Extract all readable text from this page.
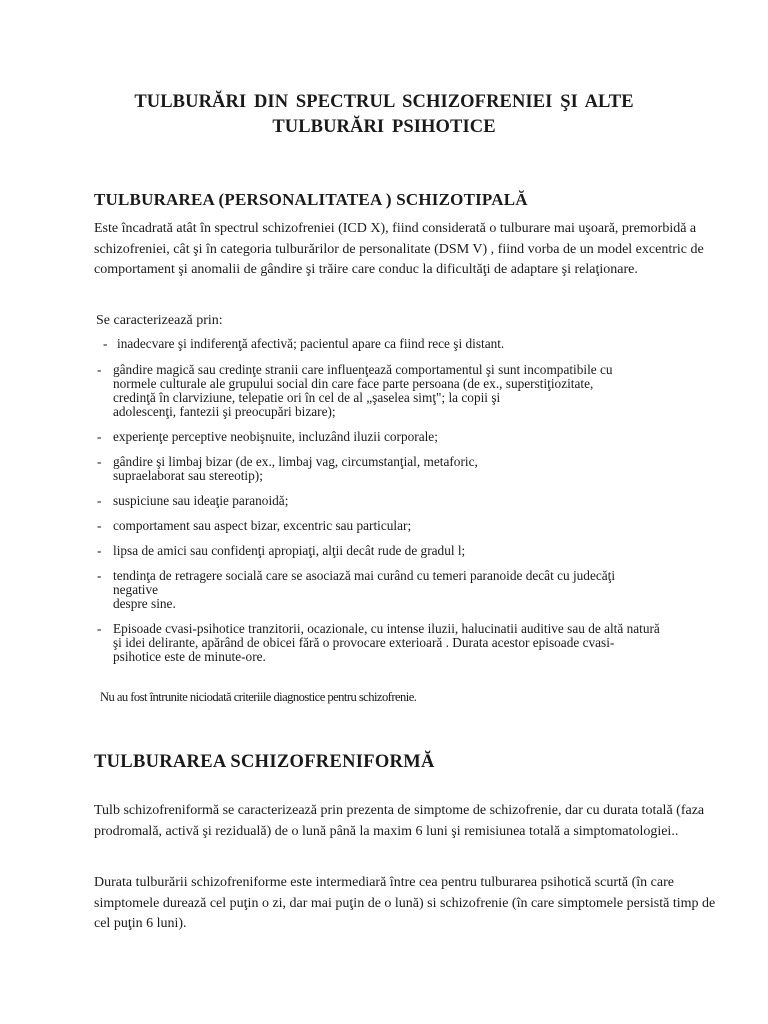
TULBURĂRI DIN SPECTRUL SCHIZOFRENIEI ŞI ALTE
TULBURĂRI PSIHOTICE
TULBURAREA (PERSONALITATEA ) SCHIZOTIPALĂ
Este încadrată atât în spectrul schizofreniei (ICD X), fiind considerată o tulburare mai uşoară, premorbidă a schizofreniei, cât şi în categoria tulburărilor de personalitate (DSM V) , fiind vorba de un model excentric de comportament şi anomalii de gândire şi trăire care conduc la dificultăţi de adaptare şi relaţionare.
Se caracterizează prin:
- inadecvare şi indiferenţă afectivă; pacientul apare ca fiind rece şi distant.
- gândire magică sau credinţe stranii care influenţează comportamentul şi sunt incompatibile cu
normele culturale ale grupului social din care face parte persoana (de ex., superstiţiozitate,
credinţă în clarviziune, telepatie ori în cel de al „şaselea simţ"; la copii şi
adolescenţi, fantezii şi preocupări bizare);
- experienţe perceptive neobişnuite, incluzând iluzii corporale;
- gândire şi limbaj bizar (de ex., limbaj vag, circumstanţial, metaforic,
supraelaborat sau stereotip);
- suspiciune sau ideaţie paranoidă;
- comportament sau aspect bizar, excentric sau particular;
- lipsa de amici sau confidenţi apropiaţi, alţii decât rude de gradul l;
- tendinţa de retragere socială care se asociază mai curând cu temeri paranoide decât cu judecăţi
negative
despre sine.
- Episoade cvasi-psihotice tranzitorii, ocazionale, cu intense iluzii, halucinatii auditive sau de altă natură
şi idei delirante, apărând de obicei fără o provocare exterioară . Durata acestor episoade cvasi-
psihotice este de minute-ore.
Nu au fost întrunite niciodată criteriile diagnostice pentru schizofrenie.
TULBURAREA SCHIZOFRENIFORMĂ
Tulb schizofreniformă se caracterizează prin prezenta de simptome de schizofrenie, dar cu durata totală (faza prodromală, activă şi reziduală) de o lună până la maxim 6 luni şi remisiunea totală a simptomatologiei..
Durata tulburării schizofreniforme este intermediară între cea pentru tulburarea psihotică scurtă (în care simptomele durează cel puţin o zi, dar mai puţin de o lună) si schizofrenie (în care simptomele persistă timp de cel puţin 6 luni).
